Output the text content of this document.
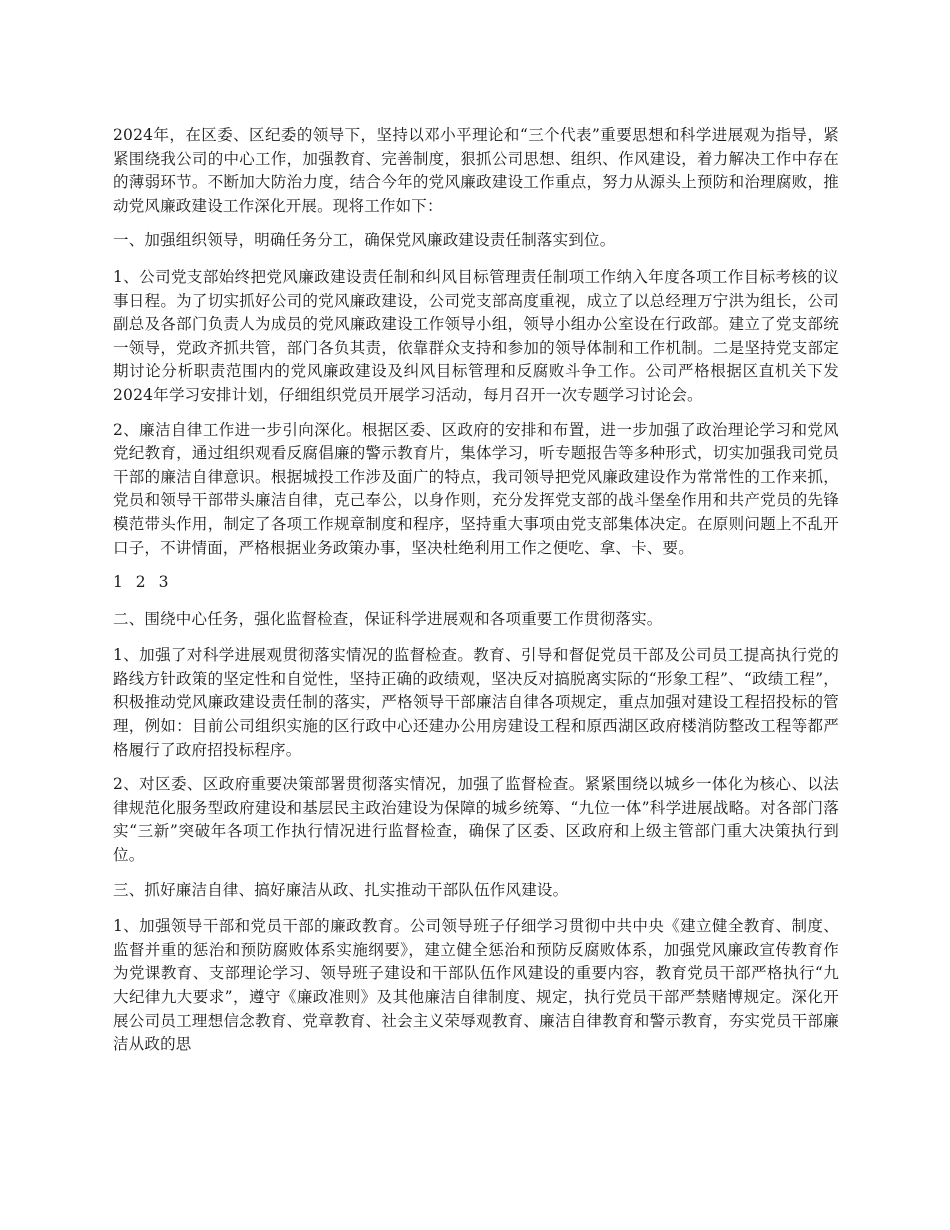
2024年，在区委、区纪委的领导下，坚持以邓小平理论和“三个代表”重要思想和科学进展观为指导，紧紧围绕我公司的中心工作，加强教育、完善制度，狠抓公司思想、组织、作风建设，着力解决工作中存在的薄弱环节。不断加大防治力度，结合今年的党风廉政建设工作重点，努力从源头上预防和治理腐败，推动党风廉政建设工作深化开展。现将工作如下：

一、加强组织领导，明确任务分工，确保党风廉政建设责任制落实到位。

1、公司党支部始终把党风廉政建设责任制和纠风目标管理责任制项工作纳入年度各项工作目标考核的议事日程。为了切实抓好公司的党风廉政建设，公司党支部高度重视，成立了以总经理万宁洪为组长，公司副总及各部门负责人为成员的党风廉政建设工作领导小组，领导小组办公室设在行政部。建立了党支部统一领导，党政齐抓共管，部门各负其责，依靠群众支持和参加的领导体制和工作机制。二是坚持党支部定期讨论分析职责范围内的党风廉政建设及纠风目标管理和反腐败斗争工作。公司严格根据区直机关下发2024年学习安排计划，仔细组织党员开展学习活动，每月召开一次专题学习讨论会。

2、廉洁自律工作进一步引向深化。根据区委、区政府的安排和布置，进一步加强了政治理论学习和党风党纪教育，通过组织观看反腐倡廉的警示教育片，集体学习，听专题报告等多种形式，切实加强我司党员干部的廉洁自律意识。根据城投工作涉及面广的特点，我司领导把党风廉政建设作为常常性的工作来抓，党员和领导干部带头廉洁自律，克己奉公，以身作则，充分发挥党支部的战斗堡垒作用和共产党员的先锋模范带头作用，制定了各项工作规章制度和程序，坚持重大事项由党支部集体决定。在原则问题上不乱开口子，不讲情面，严格根据业务政策办事，坚决杜绝利用工作之便吃、拿、卡、要。

1 2 3

二、围绕中心任务，强化监督检查，保证科学进展观和各项重要工作贯彻落实。

1、加强了对科学进展观贯彻落实情况的监督检查。教育、引导和督促党员干部及公司员工提高执行党的路线方针政策的坚定性和自觉性，坚持正确的政绩观，坚决反对搞脱离实际的“形象工程”、“政绩工程”，积极推动党风廉政建设责任制的落实，严格领导干部廉洁自律各项规定，重点加强对建设工程招投标的管理，例如：目前公司组织实施的区行政中心还建办公用房建设工程和原西湖区政府楼消防整改工程等都严格履行了政府招投标程序。

2、对区委、区政府重要决策部署贯彻落实情况，加强了监督检查。紧紧围绕以城乡一体化为核心、以法律规范化服务型政府建设和基层民主政治建设为保障的城乡统筹、“九位一体”科学进展战略。对各部门落实“三新”突破年各项工作执行情况进行监督检查，确保了区委、区政府和上级主管部门重大决策执行到位。

三、抓好廉洁自律、搞好廉洁从政、扎实推动干部队伍作风建设。

1、加强领导干部和党员干部的廉政教育。公司领导班子仔细学习贯彻中共中央《建立健全教育、制度、监督并重的惩治和预防腐败体系实施纲要》，建立健全惩治和预防反腐败体系，加强党风廉政宣传教育作为党课教育、支部理论学习、领导班子建设和干部队伍作风建设的重要内容，教育党员干部严格执行“九大纪律九大要求”，遵守《廉政准则》及其他廉洁自律制度、规定，执行党员干部严禁赌博规定。深化开展公司员工理想信念教育、党章教育、社会主义荣辱观教育、廉洁自律教育和警示教育，夯实党员干部廉洁从政的思
